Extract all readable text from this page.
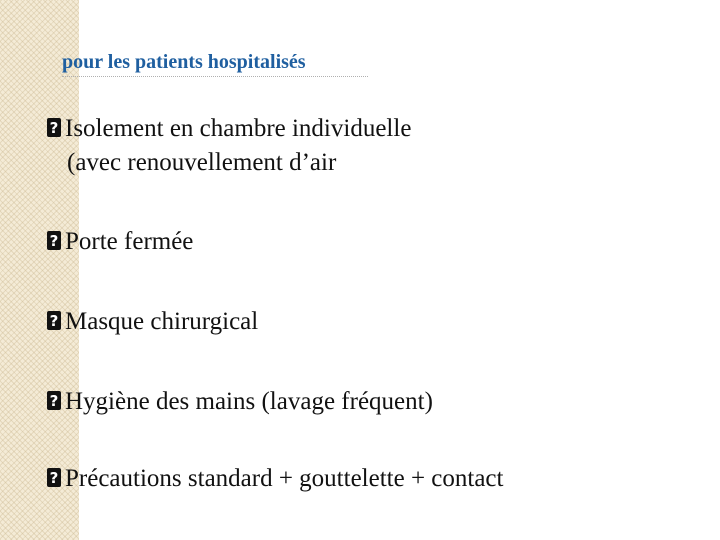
pour les patients hospitalisés
?Isolement en chambre individuelle
(avec renouvellement d’air
?Porte fermée
?Masque chirurgical
?Hygiène des mains (lavage fréquent)
?Précautions standard + gouttelette + contact
